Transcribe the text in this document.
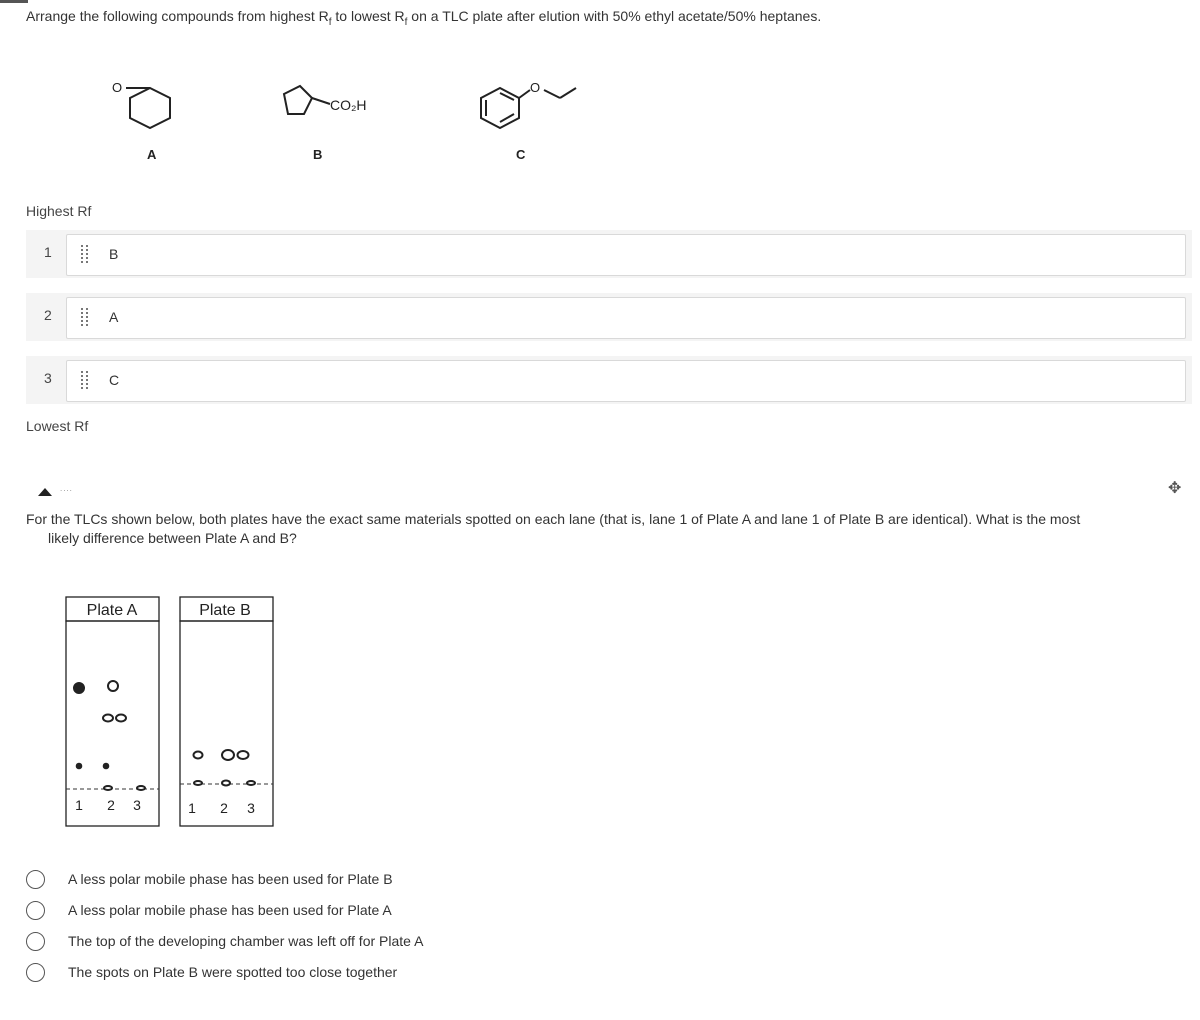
Arrange the following compounds from highest $R_f$ to lowest $R_f$ on a TLC plate after elution with 50% ethyl acetate/50% heptanes.
O
CO₂H
O
A	B	C
Highest Rf
1	B
2	A
3	C
Lowest Rf
....	✥
For the TLCs shown below, both plates have the exact same materials spotted on each lane (that is, lane 1 of Plate A and lane 1 of Plate B are identical). What is the most
likely difference between Plate A and B?
Plate A
1 2 3
Plate B
1 2 3
A less polar mobile phase has been used for Plate B
A less polar mobile phase has been used for Plate A
The top of the developing chamber was left off for Plate A
The spots on Plate B were spotted too close together
